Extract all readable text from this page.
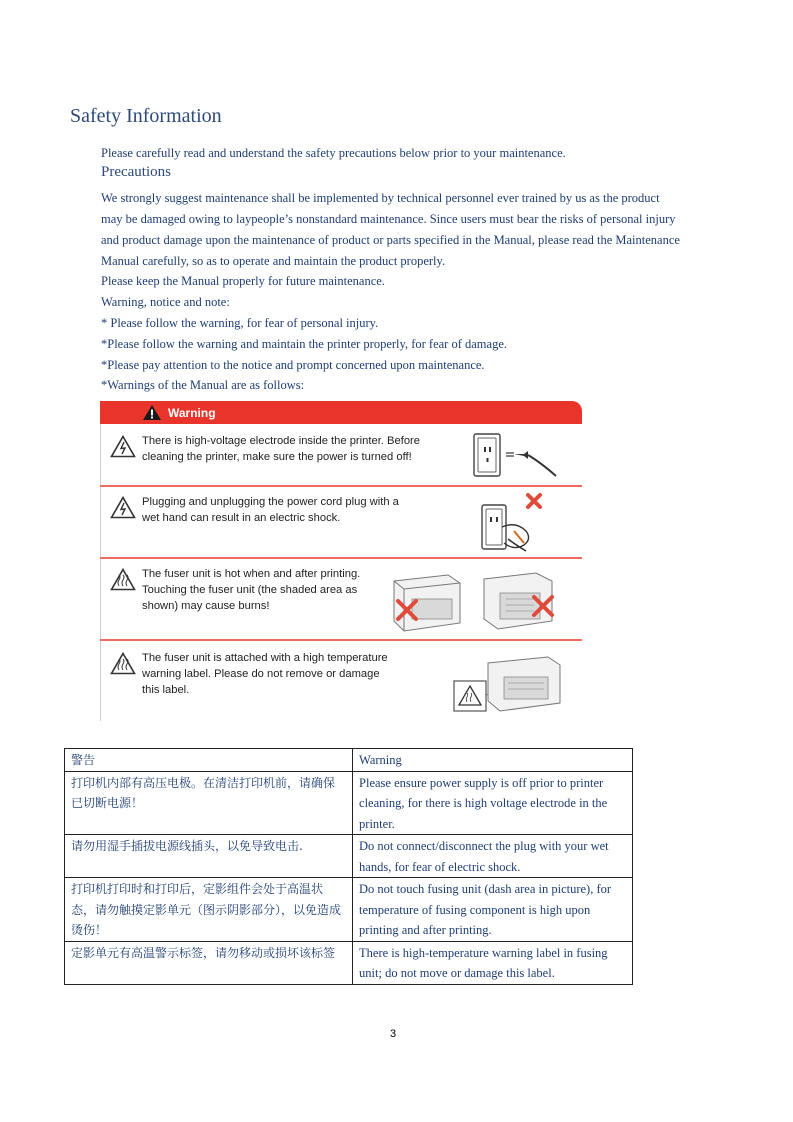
Safety Information
Please carefully read and understand the safety precautions below prior to your maintenance.
Precautions
We strongly suggest maintenance shall be implemented by technical personnel ever trained by us as the product
may be damaged owing to laypeople’s nonstandard maintenance. Since users must bear the risks of personal injury
and product damage upon the maintenance of product or parts specified in the Manual, please read the Maintenance
Manual carefully, so as to operate and maintain the product properly.
Please keep the Manual properly for future maintenance.
Warning, notice and note:
* Please follow the warning, for fear of personal injury.
*Please follow the warning and maintain the printer properly, for fear of damage.
*Please pay attention to the notice and prompt concerned upon maintenance.
*Warnings of the Manual are as follows:
Warning
There is high-voltage electrode inside the printer. Before
cleaning the printer, make sure the power is turned off!
Plugging and unplugging the power cord plug with a
wet hand can result in an electric shock.
The fuser unit is hot when and after printing.
Touching the fuser unit (the shaded area as
shown) may cause burns!
The fuser unit is attached with a high temperature
warning label. Please do not remove or damage
this label.
警告	Warning
打印机内部有高压电极。在清洁打印机前，请确保已切断电源！	Please ensure power supply is off prior to printer cleaning, for there is high voltage electrode in the printer.
请勿用湿手插拔电源线插头，以免导致电击.	Do not connect/disconnect the plug with your wet hands, for fear of electric shock.
打印机打印时和打印后，定影组件会处于高温状态，请勿触摸定影单元（图示阴影部分），以免造成烫伤！	Do not touch fusing unit (dash area in picture), for temperature of fusing component is high upon printing and after printing.
定影单元有高温警示标签，请勿移动或损坏该标签	There is high-temperature warning label in fusing unit; do not move or damage this label.
3
